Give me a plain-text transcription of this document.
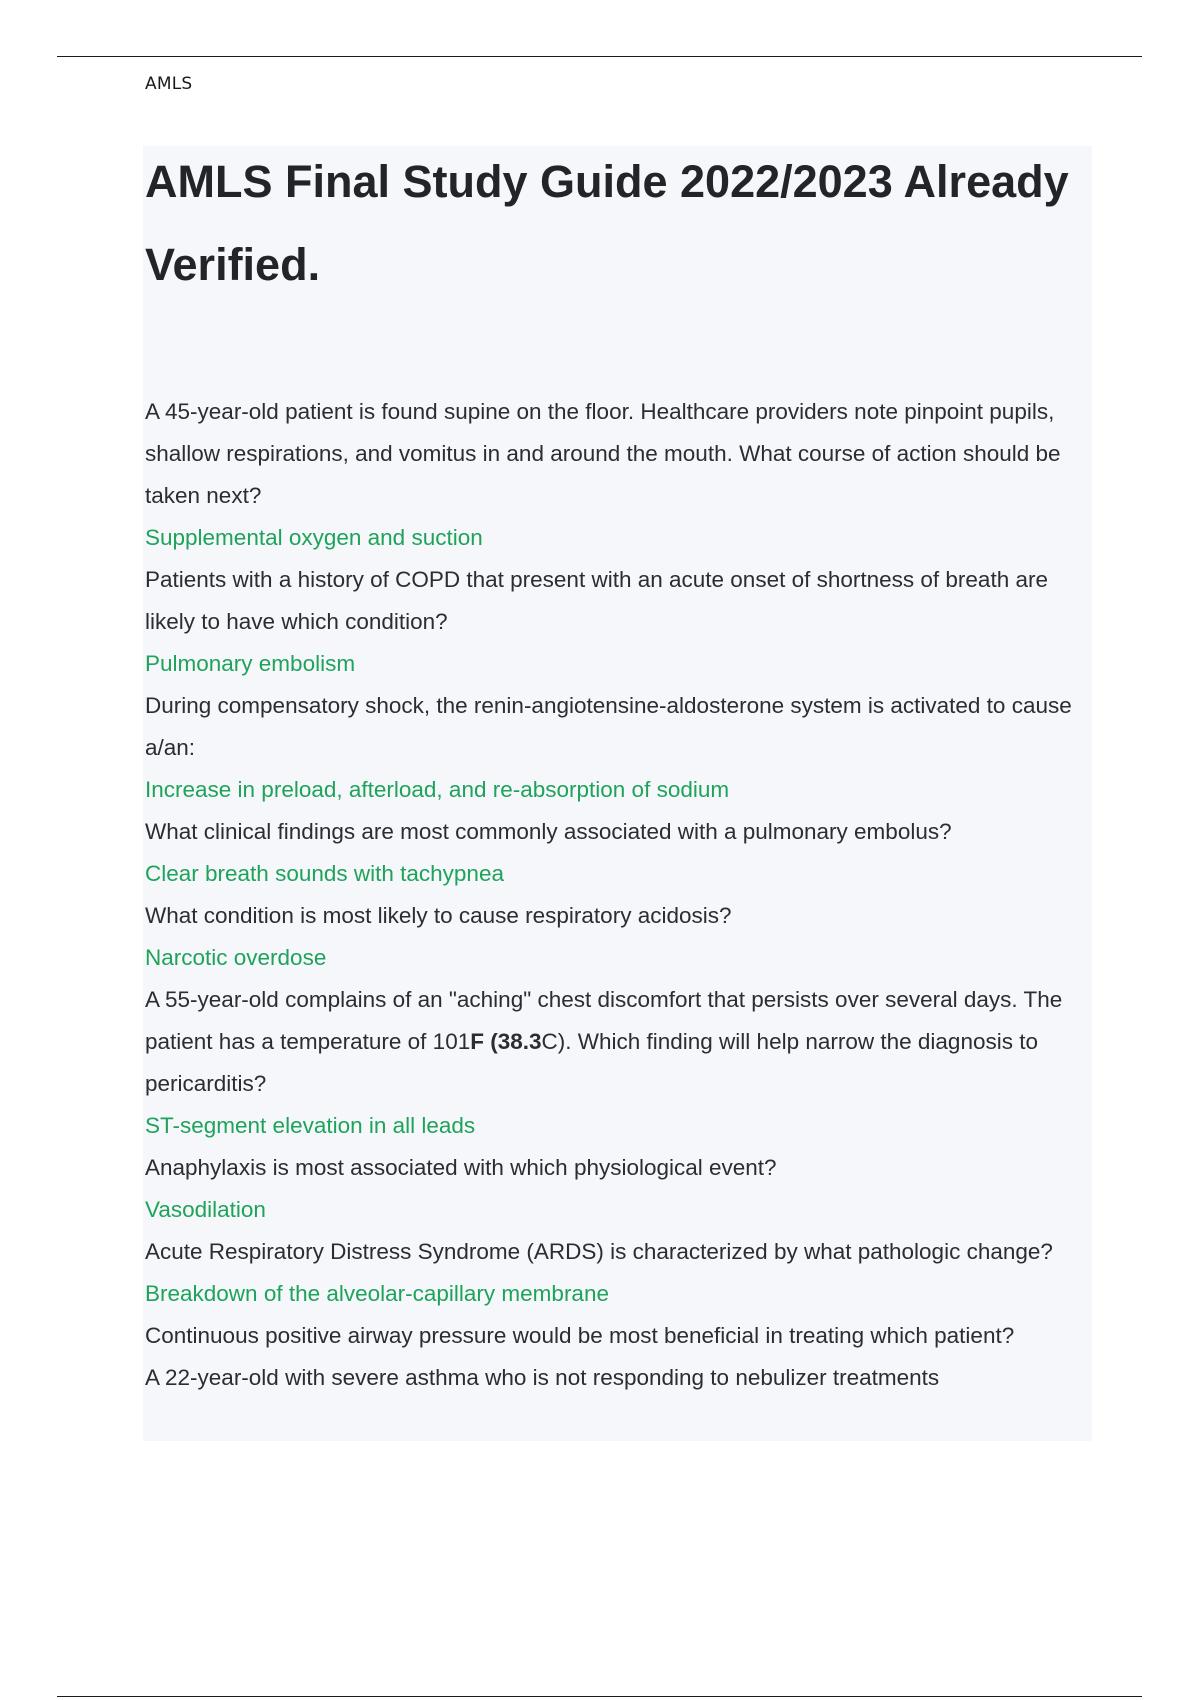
AMLS
AMLS Final Study Guide 2022/2023 Already Verified.
A 45-year-old patient is found supine on the floor. Healthcare providers note pinpoint pupils, shallow respirations, and vomitus in and around the mouth. What course of action should be taken next?
Supplemental oxygen and suction
Patients with a history of COPD that present with an acute onset of shortness of breath are likely to have which condition?
Pulmonary embolism
During compensatory shock, the renin-angiotensine-aldosterone system is activated to cause a/an:
Increase in preload, afterload, and re-absorption of sodium
What clinical findings are most commonly associated with a pulmonary embolus?
Clear breath sounds with tachypnea
What condition is most likely to cause respiratory acidosis?
Narcotic overdose
A 55-year-old complains of an "aching" chest discomfort that persists over several days. The patient has a temperature of 101F (38.3C). Which finding will help narrow the diagnosis to pericarditis?
ST-segment elevation in all leads
Anaphylaxis is most associated with which physiological event?
Vasodilation
Acute Respiratory Distress Syndrome (ARDS) is characterized by what pathologic change?
Breakdown of the alveolar-capillary membrane
Continuous positive airway pressure would be most beneficial in treating which patient?
A 22-year-old with severe asthma who is not responding to nebulizer treatments
